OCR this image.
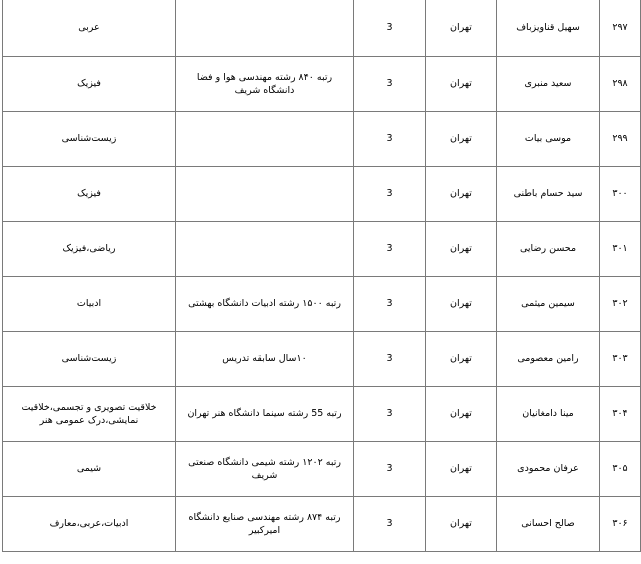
۲۹۷	سهیل قناویزباف	تهران	3		عربی
۲۹۸	سعید منبری	تهران	3	رتبه ۸۴۰ رشته مهندسی هوا و فضا دانشگاه شریف	فیزیک
۲۹۹	موسی بیات	تهران	3		زیست‌شناسی
۳۰۰	سید حسام باطنی	تهران	3		فیزیک
۳۰۱	محسن رضایی	تهران	3		ریاضی،فیزیک
۳۰۲	سیمین میثمی	تهران	3	رتبه ۱۵۰۰ رشته ادبیات دانشگاه بهشتی	ادبیات
۳۰۳	رامین معصومی	تهران	3	۱۰سال سابقه تدریس	زیست‌شناسی
۳۰۴	مینا دامغانیان	تهران	3	رتبه 55 رشته سینما دانشگاه هنر تهران	خلاقیت تصویری و تجسمی،خلاقیت نمایشی،درک عمومی هنر
۳۰۵	عرفان محمودی	تهران	3	رتبه ۱۲۰۲ رشته شیمی دانشگاه صنعتی شریف	شیمی
۳۰۶	صالح احسانی	تهران	3	رتبه ۸۷۴ رشته مهندسی صنایع دانشگاه امیرکبیر	ادبیات،عربی،معارف
